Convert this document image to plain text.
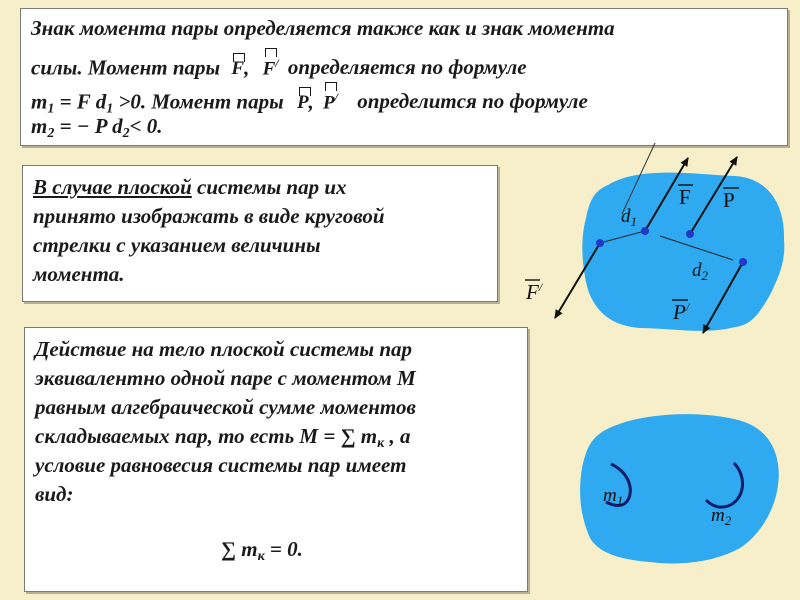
Знак момента пары определяется также как и знак момента
силы. Момент пары F, F/ определяется по формуле
$m_1 = F$ $d_1 >0$. Момент пары P, P/ определится по формуле
$m_2$ = − P $d_2< 0$.
В случае плоской системы пар их
принято изображать в виде круговой
стрелки с указанием величины
момента.
Действие на тело плоской системы пар
эквивалентно одной паре с моментом M
равным алгебраической сумме моментов
складываемых пар, то есть M = ∑ $m_к$ , а
условие равновесия системы пар имеет
вид:
∑ $m_к = 0$.
F P
F/
P/
$d_1$
$d_2$
$m_1$
$m_2$
